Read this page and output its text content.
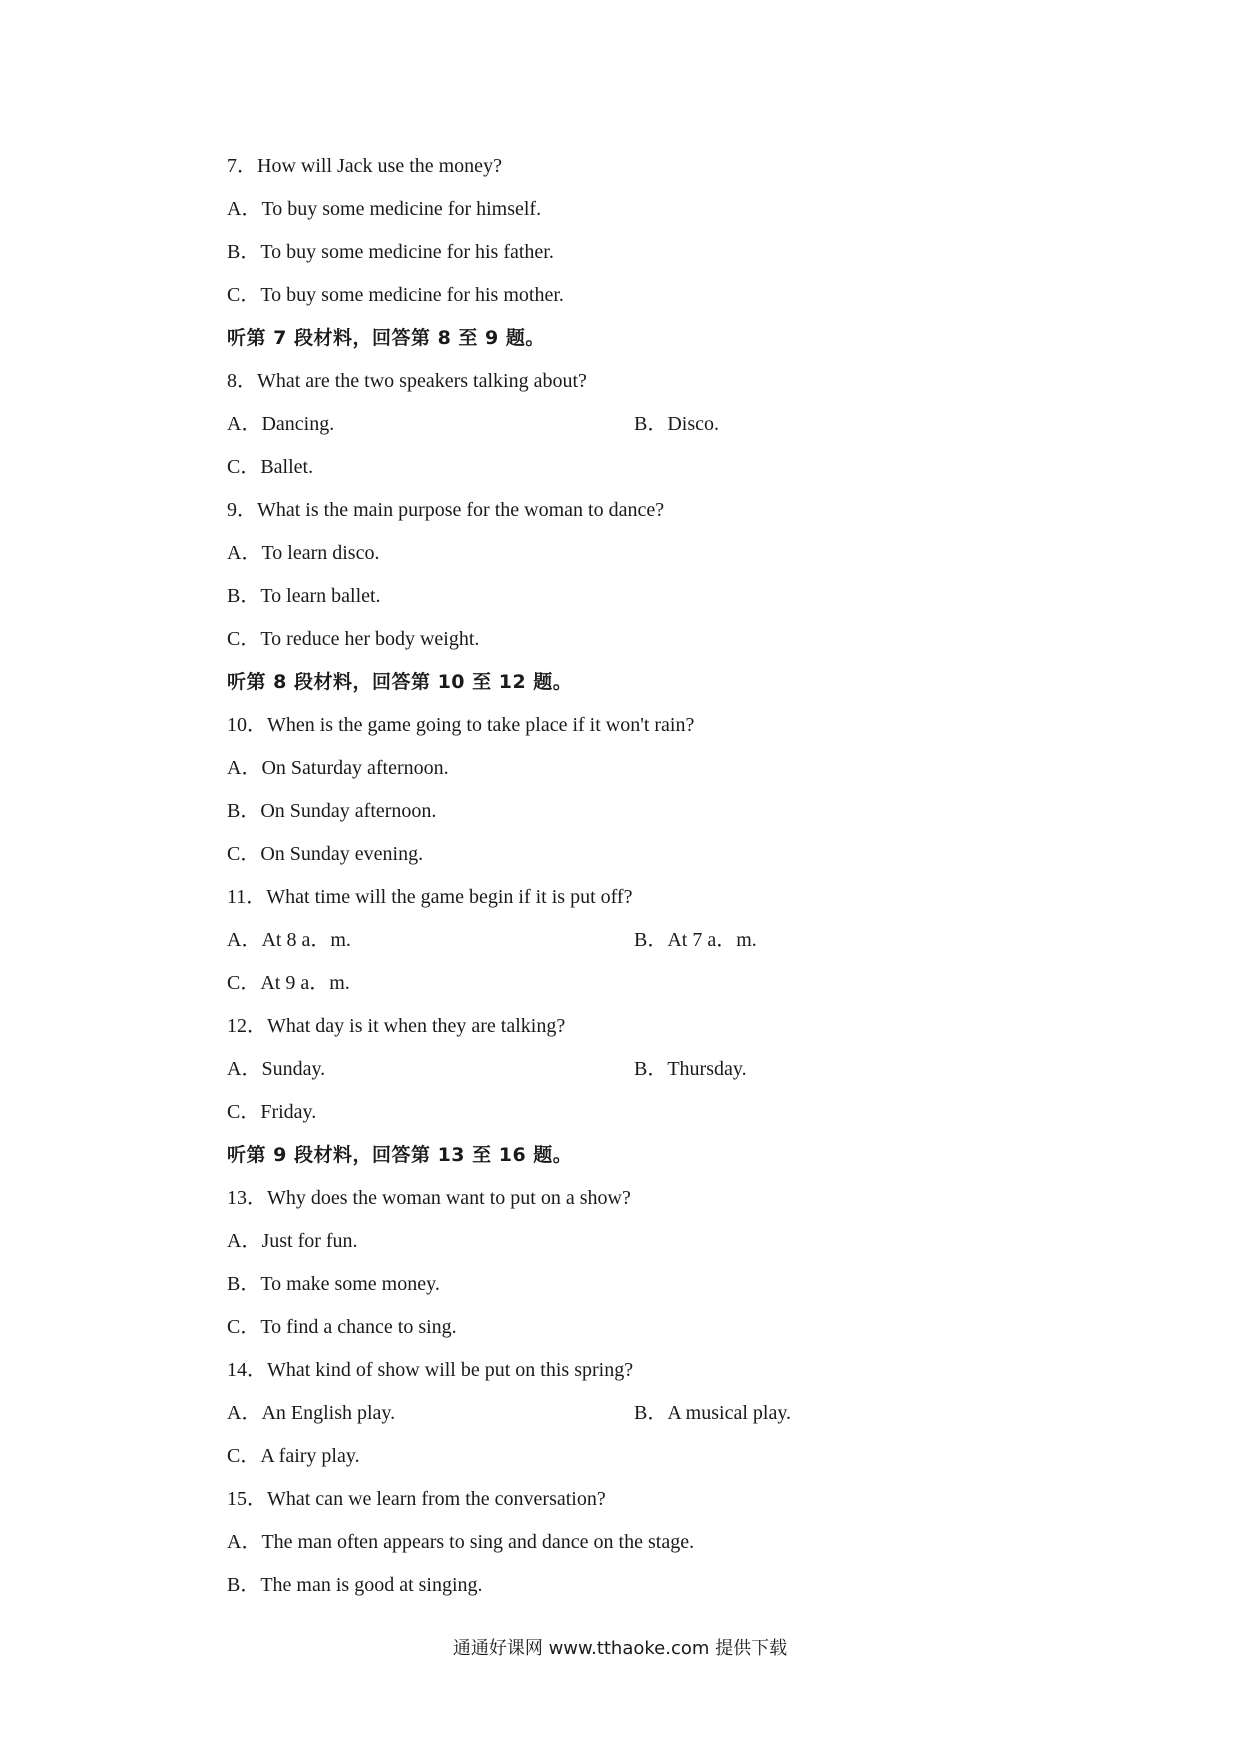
7．How will Jack use the money?
A．To buy some medicine for himself.
B．To buy some medicine for his father.
C．To buy some medicine for his mother.
听第 7 段材料，回答第 8 至 9 题。
8．What are the two speakers talking about?
A．Dancing.	B．Disco.
C．Ballet.
9．What is the main purpose for the woman to dance?
A．To learn disco.
B．To learn ballet.
C．To reduce her body weight.
听第 8 段材料，回答第 10 至 12 题。
10．When is the game going to take place if it won't rain?
A．On Saturday afternoon.
B．On Sunday afternoon.
C．On Sunday evening.
11．What time will the game begin if it is put off?
A．At 8 a．m.	B．At 7 a．m.
C．At 9 a．m.
12．What day is it when they are talking?
A．Sunday.	B．Thursday.
C．Friday.
听第 9 段材料，回答第 13 至 16 题。
13．Why does the woman want to put on a show?
A．Just for fun.
B．To make some money.
C．To find a chance to sing.
14．What kind of show will be put on this spring?
A．An English play.	B．A musical play.
C．A fairy play.
15．What can we learn from the conversation?
A．The man often appears to sing and dance on the stage.
B．The man is good at singing.
通通好课网 www.tthaoke.com 提供下载
